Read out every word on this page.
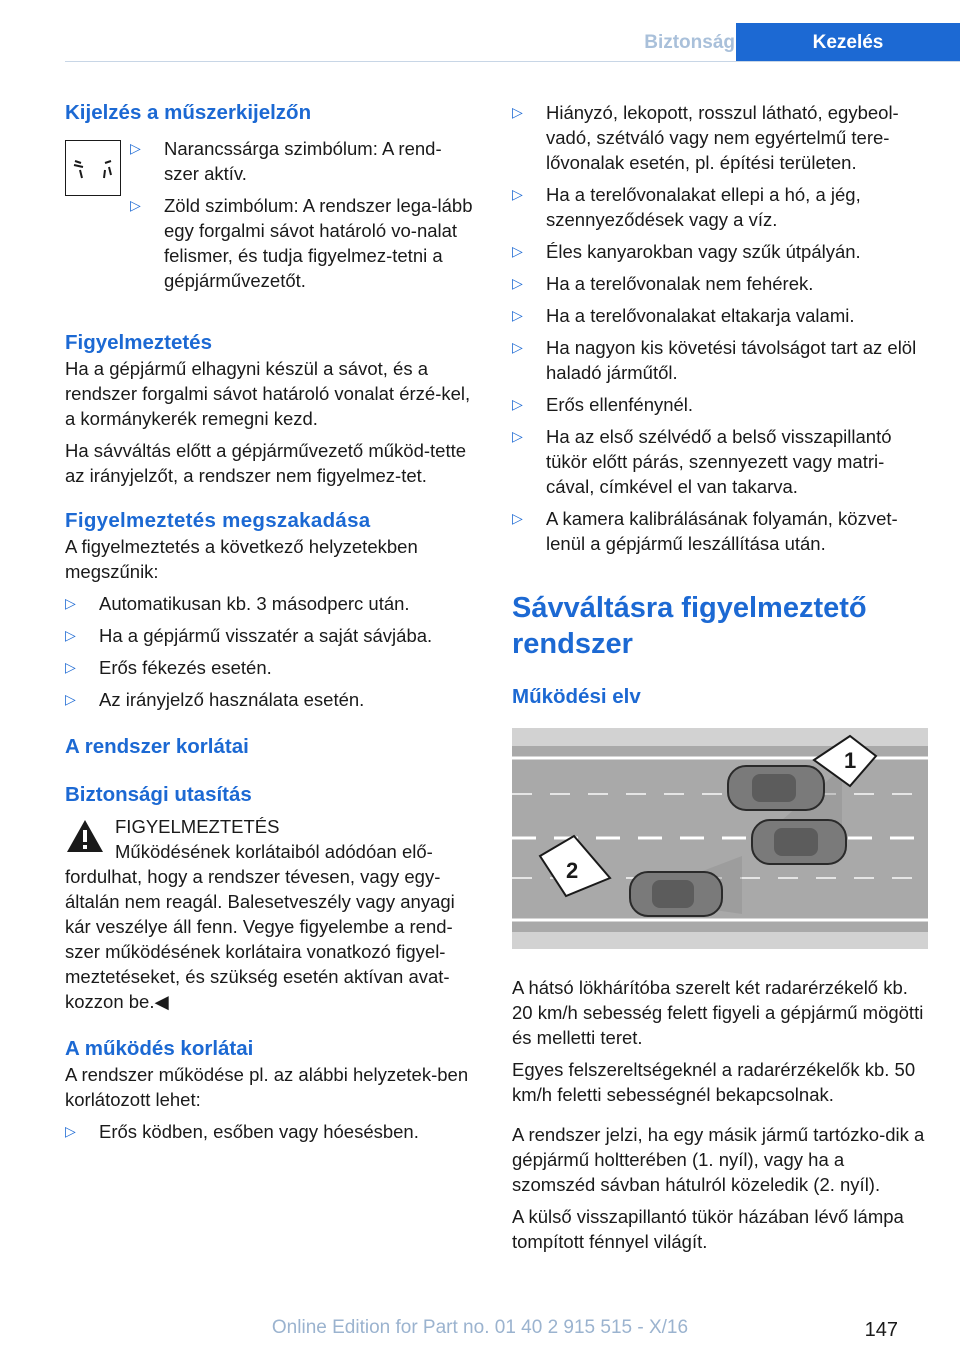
Biztonság	Kezelés
Kijelzés a műszerkijelzőn
▷ Narancssárga szimbólum: A rend‐szer aktív.
▷ Zöld szimbólum: A rendszer lega‐lább egy forgalmi sávot határoló vo‐nalat felismer, és tudja figyelmez‐tetni a gépjárművezetőt.
Figyelmeztetés

Ha a gépjármű elhagyni készül a sávot, és a rendszer forgalmi sávot határoló vonalat érzé‐kel, a kormánykerék remegni kezd.

Ha sávváltás előtt a gépjárművezető működ‐tette az irányjelzőt, a rendszer nem figyelmez‐tet.

Figyelmeztetés megszakadása

A figyelmeztetés a következő helyzetekben megszűnik:

▷ Automatikusan kb. 3 másodperc után.
▷ Ha a gépjármű visszatér a saját sávjába.
▷ Erős fékezés esetén.
▷ Az irányjelző használata esetén.
A rendszer korlátai
Biztonsági utasítás

FIGYELMEZTETÉS

Működésének korlátaiból adódóan elő‐

fordulhat, hogy a rendszer tévesen, vagy egy‐általán nem reagál. Balesetveszély vagy anyagi kár veszélye áll fenn. Vegye figyelembe a rend‐szer működésének korlátaira vonatkozó figyel‐meztetéseket, és szükség esetén aktívan avat‐kozzon be.◀

A működés korlátai

A rendszer működése pl. az alábbi helyzetek‐ben korlátozott lehet:

▷ Erős ködben, esőben vagy hóesésben.
▷ Hiányzó, lekopott, rosszul látható, egybeol‐vadó, szétváló vagy nem egyértelmű tere‐lővonalak esetén, pl. építési területen.
▷ Ha a terelővonalakat ellepi a hó, a jég, szennyeződések vagy a víz.
▷ Éles kanyarokban vagy szűk útpályán.
▷ Ha a terelővonalak nem fehérek.
▷ Ha a terelővonalakat eltakarja valami.
▷ Ha nagyon kis követési távolságot tart az elöl haladó járműtől.
▷ Erős ellenfénynél.
▷ Ha az első szélvédő a belső visszapillantó tükör előtt párás, szennyezett vagy matri‐cával, címkével el van takarva.
▷ A kamera kalibrálásának folyamán, közvet‐lenül a gépjármű leszállítása után.
Sávváltásra figyelmeztető rendszer
Működési elv
1
2

A hátsó lökhárítóba szerelt két radarérzékelő kb. 20 km/h sebesség felett figyeli a gépjármű mögötti és melletti teret.

Egyes felszereltségeknél a radarérzékelők kb. 50 km/h feletti sebességnél bekapcsolnak.

A rendszer jelzi, ha egy másik jármű tartózko‐dik a gépjármű holtterében (1. nyíl), vagy ha a szomszéd sávban hátulról közeledik (2. nyíl).

A külső visszapillantó tükör házában lévő lámpa tompított fénnyel világít.

Online Edition for Part no. 01 40 2 915 515 - X/16	147
